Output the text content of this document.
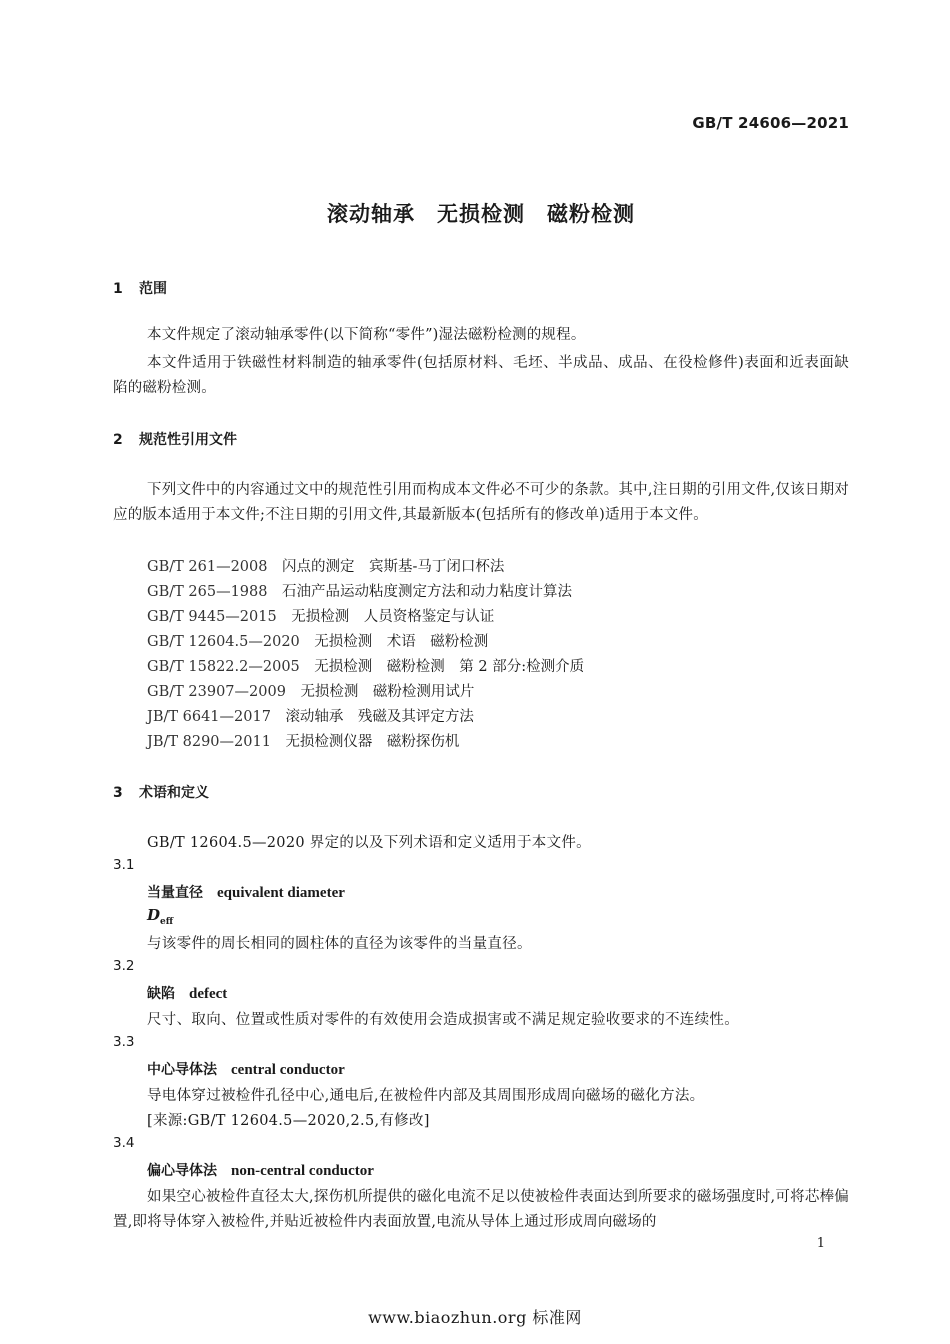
GB/T 24606—2021
滚动轴承　无损检测　磁粉检测
1 范围
本文件规定了滚动轴承零件(以下简称“零件”)湿法磁粉检测的规程。
本文件适用于铁磁性材料制造的轴承零件(包括原材料、毛坯、半成品、成品、在役检修件)表面和近表面缺陷的磁粉检测。
2 规范性引用文件
下列文件中的内容通过文中的规范性引用而构成本文件必不可少的条款。其中,注日期的引用文件,仅该日期对应的版本适用于本文件;不注日期的引用文件,其最新版本(包括所有的修改单)适用于本文件。
GB/T 261—2008　 闪点的测定　宾斯基-马丁闭口杯法
GB/T 265—1988　 石油产品运动粘度测定方法和动力粘度计算法
GB/T 9445—2015　 无损检测　人员资格鉴定与认证
GB/T 12604.5—2020　 无损检测　术语　磁粉检测
GB/T 15822.2—2005　 无损检测　磁粉检测　第 2 部分:检测介质
GB/T 23907—2009　 无损检测　磁粉检测用试片
JB/T 6641—2017　 滚动轴承　残磁及其评定方法
JB/T 8290—2011　 无损检测仪器　磁粉探伤机
3 术语和定义
GB/T 12604.5—2020 界定的以及下列术语和定义适用于本文件。
3.1
当量直径 equivalent diameter
$D_{eff}$
与该零件的周长相同的圆柱体的直径为该零件的当量直径。
3.2
缺陷 defect
尺寸、取向、位置或性质对零件的有效使用会造成损害或不满足规定验收要求的不连续性。
3.3
中心导体法 central conductor
导电体穿过被检件孔径中心,通电后,在被检件内部及其周围形成周向磁场的磁化方法。
[来源:GB/T 12604.5—2020,2.5,有修改]
3.4
偏心导体法 non-central conductor
如果空心被检件直径太大,探伤机所提供的磁化电流不足以使被检件表面达到所要求的磁场强度时,可将芯棒偏置,即将导体穿入被检件,并贴近被检件内表面放置,电流从导体上通过形成周向磁场的
1
www.biaozhun.org 标准网
